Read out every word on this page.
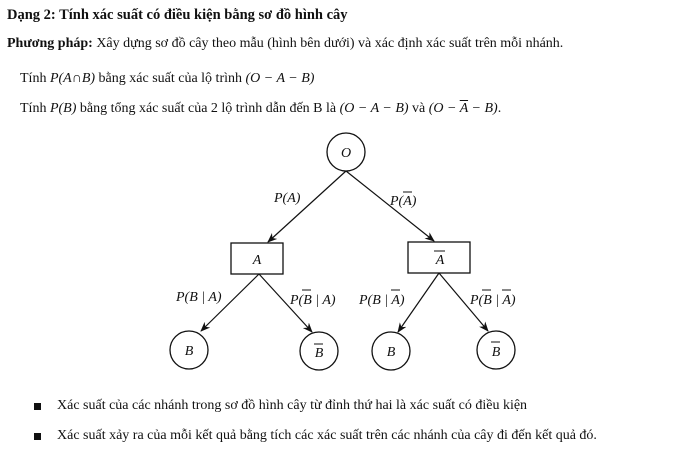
Dạng 2: Tính xác suất có điều kiện bằng sơ đồ hình cây
Phương pháp: Xây dựng sơ đồ cây theo mẫu (hình bên dưới) và xác định xác suất trên mỗi nhánh.
Tính P(A∩B) bằng xác suất của lộ trình (O − A − B)
Tính P(B) bằng tổng xác suất của 2 lộ trình dẫn đến B là (O − A − B) và $(O - \overline{A} - B)$.
O
A	A
P(A)	P(A)
P(B | A)	P(B | A) P(B | A)	P(B | A)
B	B	B	B
Xác suất của các nhánh trong sơ đồ hình cây từ đỉnh thứ hai là xác suất có điều kiện
Xác suất xảy ra của mỗi kết quả bằng tích các xác suất trên các nhánh của cây đi đến kết quả đó.
